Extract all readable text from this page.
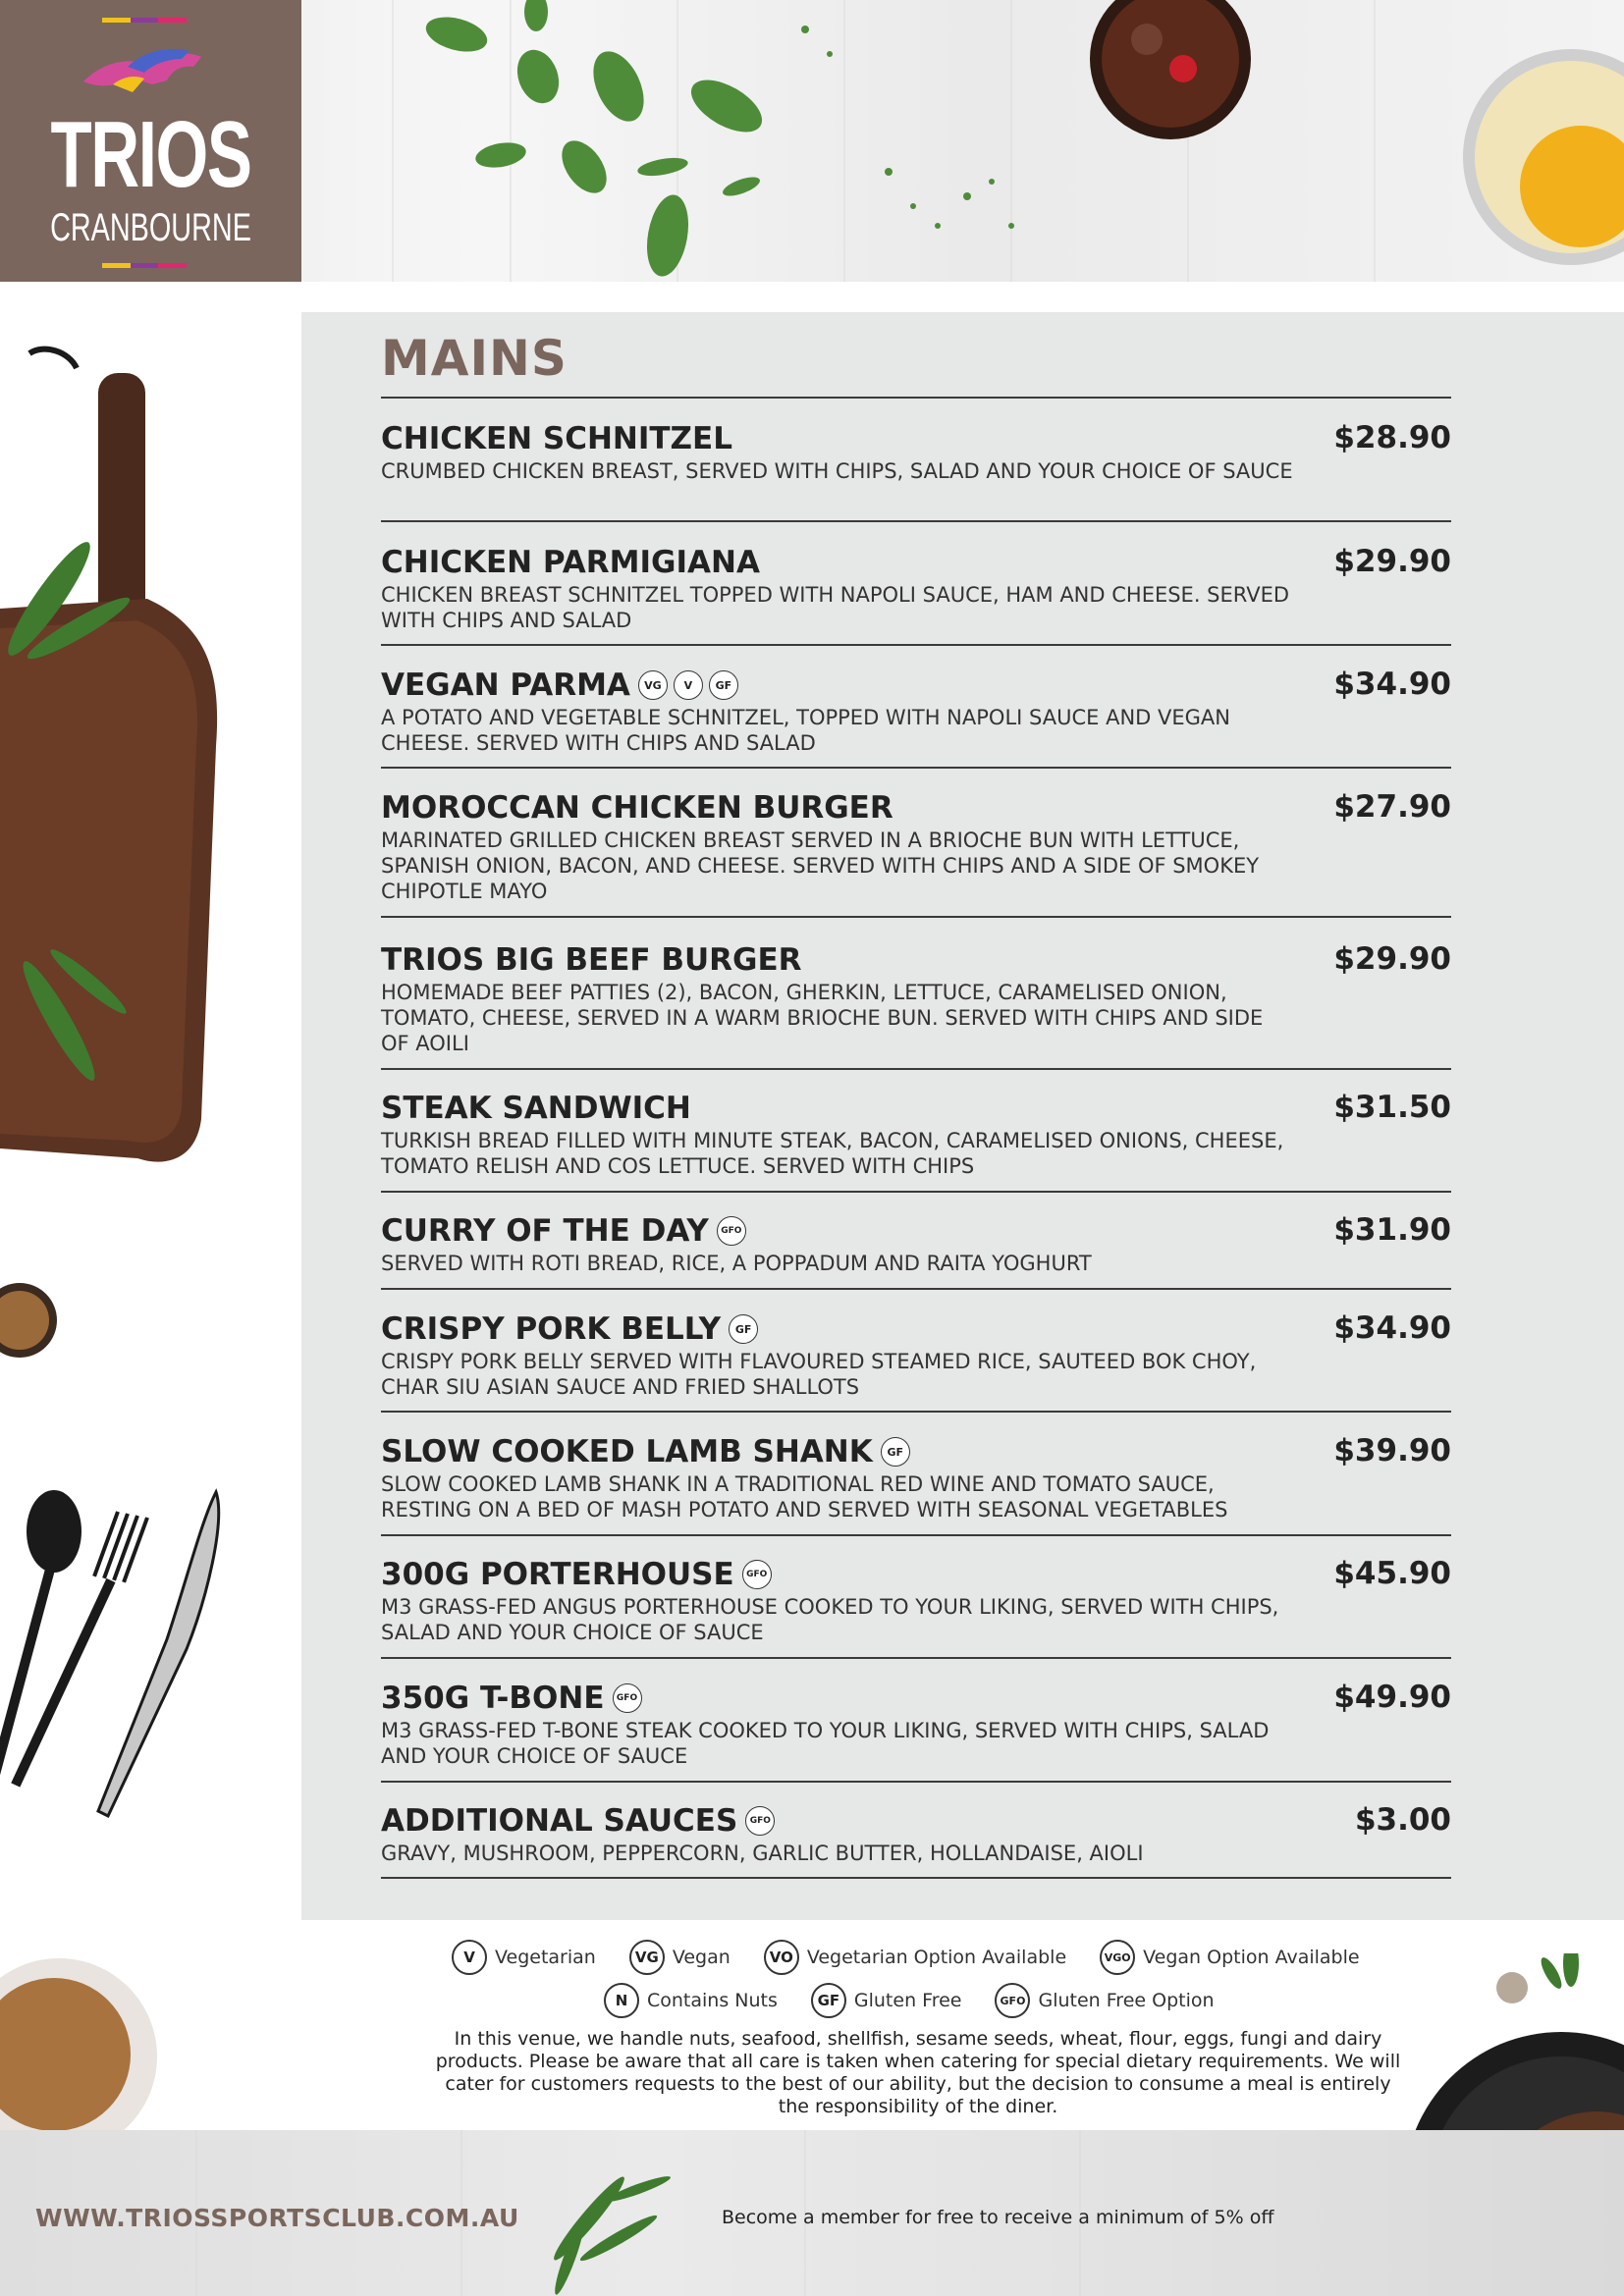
TRIOS
CRANBOURNE
MAINS
CHICKEN SCHNITZEL	$28.90
CRUMBED CHICKEN BREAST, SERVED WITH CHIPS, SALAD AND YOUR CHOICE OF SAUCE
CHICKEN PARMIGIANA	$29.90
CHICKEN BREAST SCHNITZEL TOPPED WITH NAPOLI SAUCE, HAM AND CHEESE. SERVED WITH CHIPS AND SALAD
VEGAN PARMA	VG	V	GF	$34.90
A POTATO AND VEGETABLE SCHNITZEL, TOPPED WITH NAPOLI SAUCE AND VEGAN CHEESE. SERVED WITH CHIPS AND SALAD
MOROCCAN CHICKEN BURGER	$27.90
MARINATED GRILLED CHICKEN BREAST SERVED IN A BRIOCHE BUN WITH LETTUCE, SPANISH ONION, BACON, AND CHEESE. SERVED WITH CHIPS AND A SIDE OF SMOKEY CHIPOTLE MAYO
TRIOS BIG BEEF BURGER	$29.90
HOMEMADE BEEF PATTIES (2), BACON, GHERKIN, LETTUCE, CARAMELISED ONION, TOMATO, CHEESE, SERVED IN A WARM BRIOCHE BUN. SERVED WITH CHIPS AND SIDE OF AOILI
STEAK SANDWICH	$31.50
TURKISH BREAD FILLED WITH MINUTE STEAK, BACON, CARAMELISED ONIONS, CHEESE, TOMATO RELISH AND COS LETTUCE. SERVED WITH CHIPS
CURRY OF THE DAY	GFO	$31.90
SERVED WITH ROTI BREAD, RICE, A POPPADUM AND RAITA YOGHURT
CRISPY PORK BELLY	GF	$34.90
CRISPY PORK BELLY SERVED WITH FLAVOURED STEAMED RICE, SAUTEED BOK CHOY, CHAR SIU ASIAN SAUCE AND FRIED SHALLOTS
SLOW COOKED LAMB SHANK	GF	$39.90
SLOW COOKED LAMB SHANK IN A TRADITIONAL RED WINE AND TOMATO SAUCE, RESTING ON A BED OF MASH POTATO AND SERVED WITH SEASONAL VEGETABLES
300G PORTERHOUSE	GFO	$45.90
M3 GRASS-FED ANGUS PORTERHOUSE COOKED TO YOUR LIKING, SERVED WITH CHIPS, SALAD AND YOUR CHOICE OF SAUCE
350G T-BONE	GFO	$49.90
M3 GRASS-FED T-BONE STEAK COOKED TO YOUR LIKING, SERVED WITH CHIPS, SALAD AND YOUR CHOICE OF SAUCE
ADDITIONAL SAUCES	GFO	$3.00
GRAVY, MUSHROOM, PEPPERCORN, GARLIC BUTTER, HOLLANDAISE, AIOLI
V	Vegetarian	VG Vegan	VO Vegetarian Option Available	VGO Vegan Option Available
N	Contains Nuts	GF Gluten Free	GFO Gluten Free Option
In this venue, we handle nuts, seafood, shellfish, sesame seeds, wheat, flour, eggs, fungi and dairy products. Please be aware that all care is taken when catering for special dietary requirements. We will cater for customers requests to the best of our ability, but the decision to consume a meal is entirely the responsibility of the diner.
WWW.TRIOSSPORTSCLUB.COM.AU	Become a member for free to receive a minimum of 5% off
